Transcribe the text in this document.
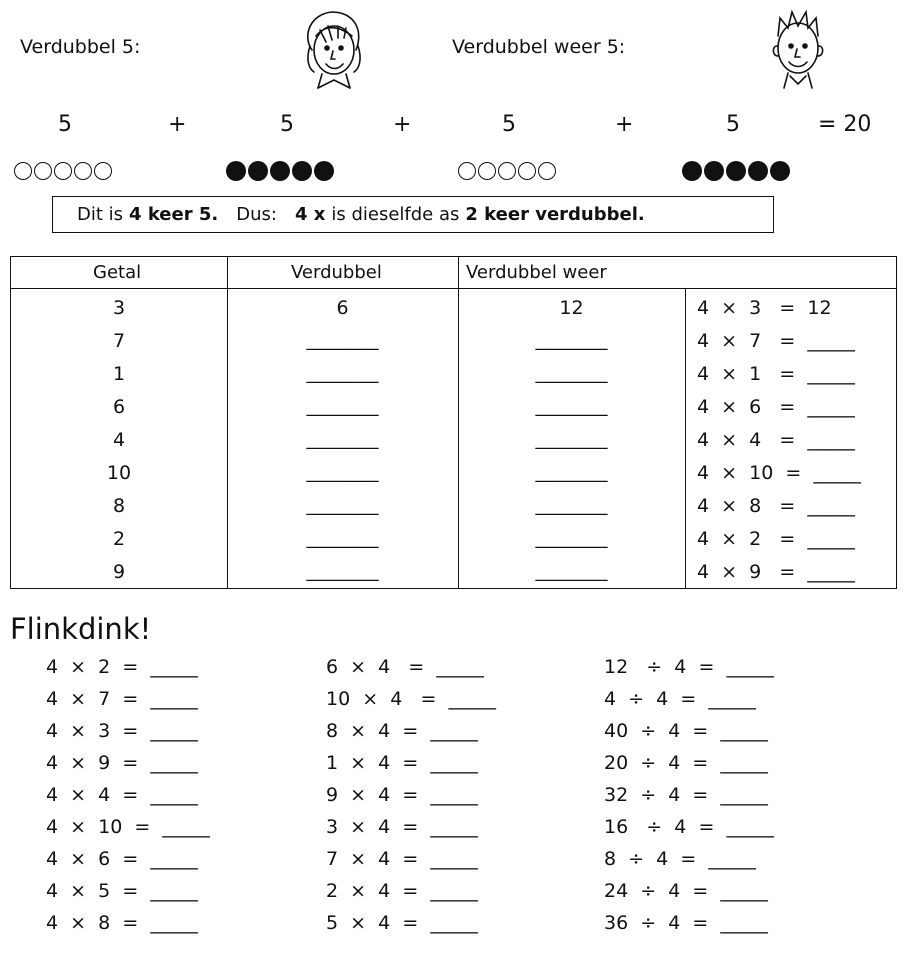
Verdubbel 5:	Verdubbel weer 5:
5	+	5	+	5	+	5	= 20
Dit is 4 keer 5. Dus: 4 x is dieselfde as 2 keer verdubbel.
Getal	Verdubbel	Verdubbel weer
3	6	12	4  ×  3   =  12
7	________	________	4  ×  7   =  _____
1	________	________	4  ×  1   =  _____
6	________	________	4  ×  6   =  _____
4	________	________	4  ×  4   =  _____
10	________	________	4  ×  10  =  _____
8	________	________	4  ×  8   =  _____
2	________	________	4  ×  2   =  _____
9	________	________	4  ×  9   =  _____
Flinkdink!
4  ×  2  =  _____
4  ×  7  =  _____
4  ×  3  =  _____
4  ×  9  =  _____
4  ×  4  =  _____
4  ×  10  =  _____
4  ×  6  =  _____
4  ×  5  =  _____
4  ×  8  =  _____
6  ×  4   =  _____
10  ×  4   =  _____
8  ×  4  =  _____
1  ×  4  =  _____
9  ×  4  =  _____
3  ×  4  =  _____
7  ×  4  =  _____
2  ×  4  =  _____
5  ×  4  =  _____
12   ÷  4  =  _____
4  ÷  4  =  _____
40  ÷  4  =  _____
20  ÷  4  =  _____
32  ÷  4  =  _____
16   ÷  4  =  _____
8  ÷  4  =  _____
24  ÷  4  =  _____
36  ÷  4  =  _____
